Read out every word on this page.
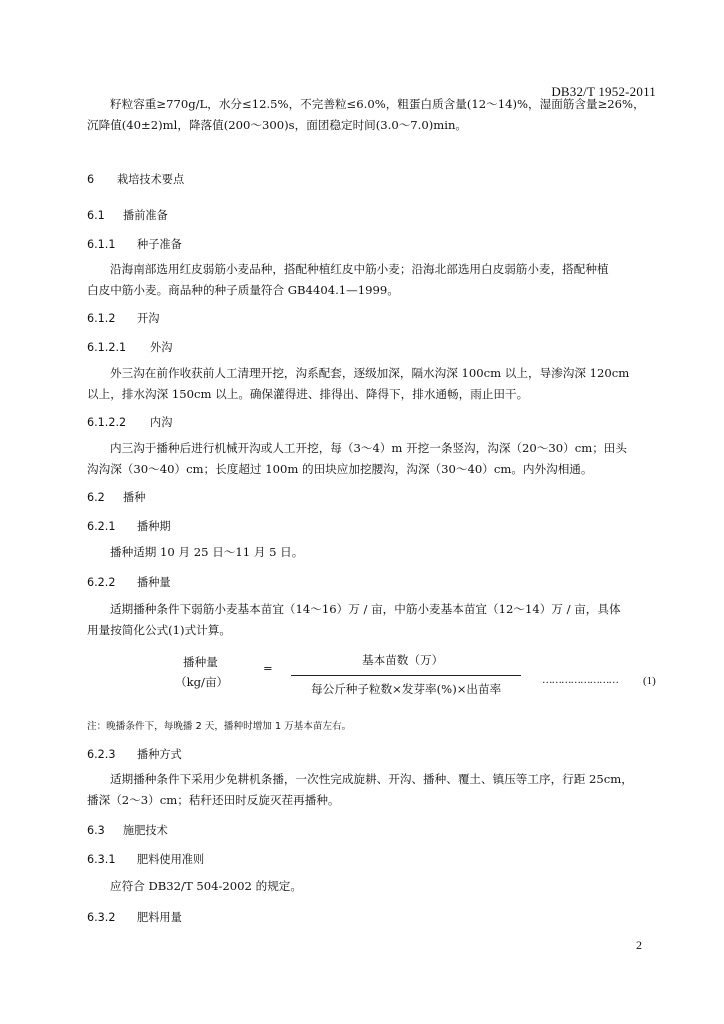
DB32/T 1952-2011
籽粒容重≥770g/L，水分≤12.5%，不完善粒≤6.0%，粗蛋白质含量(12～14)%，湿面筋含量≥26%，
沉降值(40±2)ml，降落值(200～300)s，面团稳定时间(3.0～7.0)min。
6 栽培技术要点
6.1 播前准备
6.1.1 种子准备
沿海南部选用红皮弱筋小麦品种，搭配种植红皮中筋小麦；沿海北部选用白皮弱筋小麦，搭配种植
白皮中筋小麦。商品种的种子质量符合 GB4404.1—1999。
6.1.2 开沟
6.1.2.1 外沟
外三沟在前作收获前人工清理开挖，沟系配套，逐级加深，隔水沟深 100cm 以上，导渗沟深 120cm
以上，排水沟深 150cm 以上。确保灌得进、排得出、降得下，排水通畅，雨止田干。
6.1.2.2 内沟
内三沟于播种后进行机械开沟或人工开挖，每（3～4）m 开挖一条竖沟，沟深（20～30）cm；田头
沟沟深（30～40）cm；长度超过 100m 的田块应加挖腰沟，沟深（30～40）cm。内外沟相通。
6.2 播种
6.2.1 播种期
播种适期 10 月 25 日～11 月 5 日。
6.2.2 播种量
适期播种条件下弱筋小麦基本苗宜（14～16）万 / 亩，中筋小麦基本苗宜（12～14）万 / 亩，具体
用量按简化公式(1)式计算。
播种量
（kg/亩）
=
基本苗数（万）
每公斤种子粒数×发芽率(%)×出苗率
…………………… (1)
注：晚播条件下，每晚播 2 天，播种时增加 1 万基本苗左右。
6.2.3 播种方式
适期播种条件下采用少免耕机条播，一次性完成旋耕、开沟、播种、覆土、镇压等工序，行距 25cm，
播深（2～3）cm；秸秆还田时反旋灭茬再播种。
6.3 施肥技术
6.3.1 肥料使用准则
应符合 DB32/T 504-2002 的规定。
6.3.2 肥料用量
2
